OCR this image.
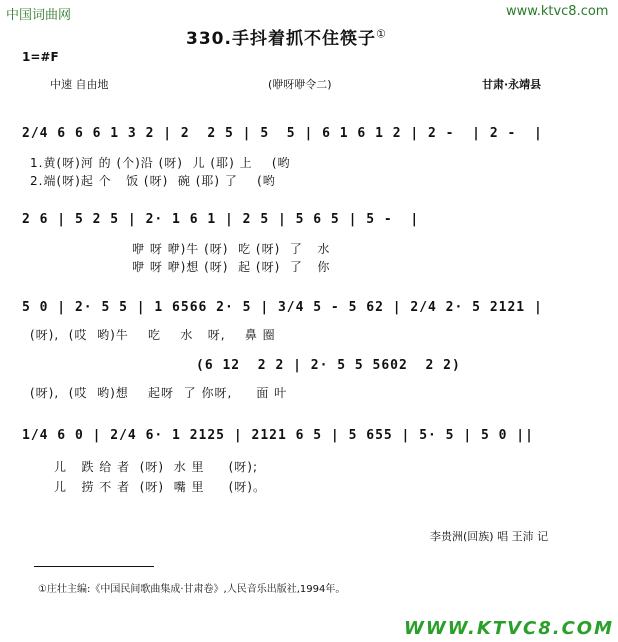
中国词曲网	www.ktvc8.com
330.手抖着抓不住筷子①
1=#F
中速 自由地	(咿呀咿令二)	甘肃·永靖县
2/4 6 6 6 1 3 2 | 2  2 5 | 5  5 | 6 1 6 1 2 | 2 -  | 2 -  |
1.黄(呀)河 的 (个)沿 (呀)  儿 (耶) 上    (哟
2.端(呀)起 个   饭 (呀)  碗 (耶) 了    (哟
2 6 | 5 2 5 | 2· 1 6 1 | 2 5 | 5 6 5 | 5 -  |
咿 呀 咿)牛 (呀)  吃 (呀)  了   水
咿 呀 咿)想 (呀)  起 (呀)  了   你
5 0 | 2· 5 5 | 1 6566 2· 5 | 3/4 5 - 5 62 | 2/4 2· 5 2121 |
(呀),  (哎  哟)牛    吃    水   呀,    鼻 圈
(6 12  2 2 | 2· 5 5 5602  2 2)
(呀),  (哎  哟)想    起呀  了 你呀,     面 叶
1/4 6 0 | 2/4 6· 1 2125 | 2121 6 5 | 5 655 | 5· 5 | 5 0 ||
儿   跌 给 者  (呀)  水 里     (呀);
儿   捞 不 者  (呀)  嘴 里     (呀)。
李贵洲(回族) 唱 王沛 记
①庄壮主编:《中国民间歌曲集成·甘肃卷》,人民音乐出版社,1994年。
WWW.KTVC8.COM
